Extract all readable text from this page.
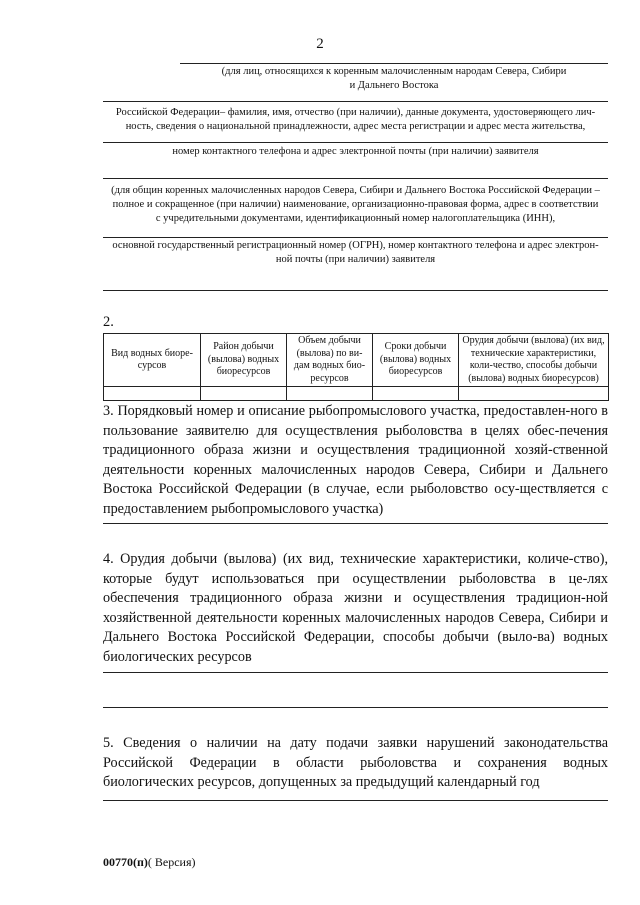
2
(для лиц, относящихся к коренным малочисленным народам Севера, Сибири
и Дальнего Востока
Российской Федерации– фамилия, имя, отчество (при наличии), данные документа, удостоверяющего лич-
ность, сведения о национальной принадлежности, адрес места регистрации и адрес места жительства,
номер контактного телефона и адрес электронной почты (при наличии) заявителя
(для общин коренных малочисленных народов Севера, Сибири и Дальнего Востока Российской Федерации –
полное и сокращенное (при наличии) наименование, организационно-правовая форма, адрес в соответствии
с учредительными документами, идентификационный номер налогоплательщика (ИНН),
основной государственный регистрационный номер (ОГРН), номер контактного телефона и адрес электрон-
ной почты (при наличии) заявителя
2.
Вид водных биоре-сурсов	Район добычи (вылова) водных биоресурсов	Объем добычи (вылова) по ви-дам водных био-ресурсов	Сроки добычи (вылова) водных биоресурсов	Орудия добычи (вылова) (их вид, технические характеристики, коли-чество, способы добычи (вылова) водных биоресурсов)

3. Порядковый номер и описание рыбопромыслового участка, предоставлен-ного в пользование заявителю для осуществления рыболовства в целях обес-печения традиционного образа жизни и осуществления традиционной хозяй-ственной деятельности коренных малочисленных народов Севера, Сибири и Дальнего Востока Российской Федерации (в случае, если рыболовство осу-ществляется с предоставлением рыбопромыслового участка)
4. Орудия добычи (вылова) (их вид, технические характеристики, количе-ство), которые будут использоваться при осуществлении рыболовства в це-лях обеспечения традиционного образа жизни и осуществления традицион-ной хозяйственной деятельности коренных малочисленных народов Севера, Сибири и Дальнего Востока Российской Федерации, способы добычи (выло-ва) водных биологических ресурсов
5. Сведения о наличии на дату подачи заявки нарушений законодательства Российской Федерации в области рыболовства и сохранения водных биологических ресурсов, допущенных за предыдущий календарный год
00770(п)( Версия)
